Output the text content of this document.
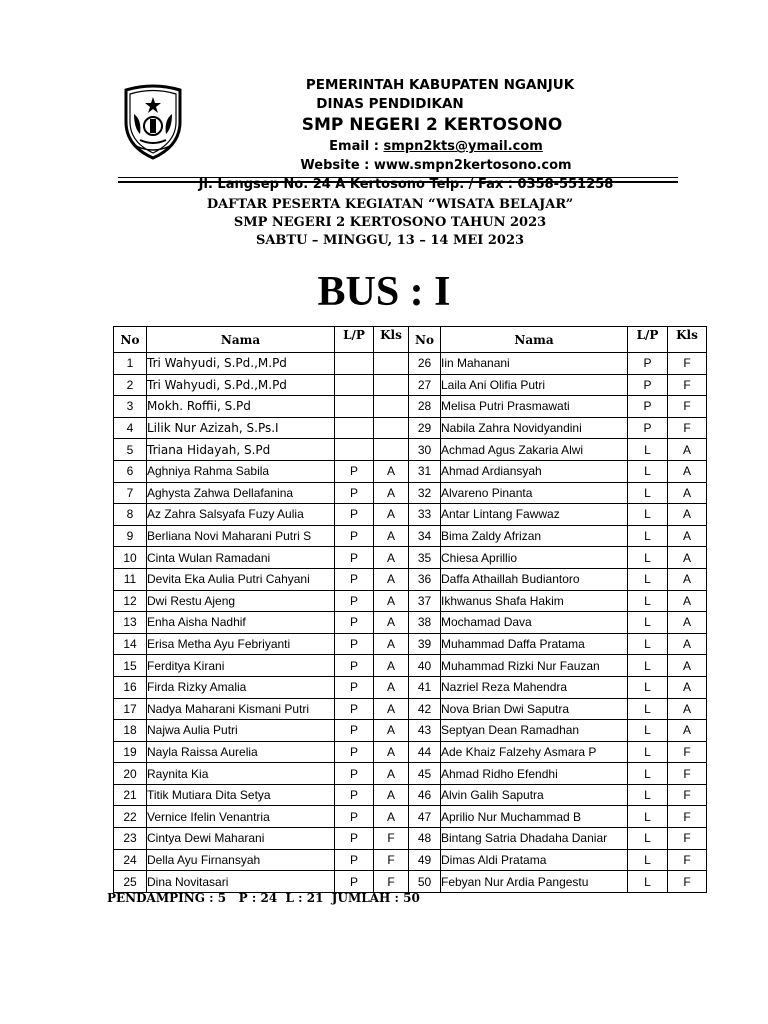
PEMERINTAH KABUPATEN NGANJUK
DINAS PENDIDIKAN
SMP NEGERI 2 KERTOSONO
Email : smpn2kts@ymail.com
Website : www.smpn2kertosono.com
Jl. Langsep No. 24 A Kertosono Telp. / Fax : 0358-551258
DAFTAR PESERTA KEGIATAN “WISATA BELAJAR”
SMP NEGERI 2 KERTOSONO TAHUN 2023
SABTU – MINGGU, 13 – 14 MEI 2023
BUS : I
No	Nama	L/P	Kls	No	Nama	L/P	Kls
1	Tri Wahyudi, S.Pd.,M.Pd			26	Iin Mahanani	P	F
2	Tri Wahyudi, S.Pd.,M.Pd			27	Laila Ani Olifia Putri	P	F
3	Mokh. Roffii, S.Pd			28	Melisa Putri Prasmawati	P	F
4	Lilik Nur Azizah, S.Ps.I			29	Nabila Zahra Novidyandini	P	F
5	Triana Hidayah, S.Pd			30	Achmad Agus Zakaria Alwi	L	A
6	Aghniya Rahma Sabila	P	A	31	Ahmad Ardiansyah	L	A
7	Aghysta Zahwa Dellafanina	P	A	32	Alvareno Pinanta	L	A
8	Az Zahra Salsyafa Fuzy Aulia	P	A	33	Antar Lintang Fawwaz	L	A
9	Berliana Novi Maharani Putri S	P	A	34	Bima Zaldy Afrizan	L	A
10	Cinta Wulan Ramadani	P	A	35	Chiesa Aprillio	L	A
11	Devita Eka Aulia Putri Cahyani	P	A	36	Daffa Athaillah Budiantoro	L	A
12	Dwi Restu Ajeng	P	A	37	Ikhwanus Shafa Hakim	L	A
13	Enha Aisha Nadhif	P	A	38	Mochamad Dava	L	A
14	Erisa Metha Ayu Febriyanti	P	A	39	Muhammad Daffa Pratama	L	A
15	Ferditya Kirani	P	A	40	Muhammad Rizki Nur Fauzan	L	A
16	Firda Rizky Amalia	P	A	41	Nazriel Reza Mahendra	L	A
17	Nadya Maharani Kismani Putri	P	A	42	Nova Brian Dwi Saputra	L	A
18	Najwa Aulia Putri	P	A	43	Septyan Dean Ramadhan	L	A
19	Nayla Raissa Aurelia	P	A	44	Ade Khaiz Falzehy Asmara P	L	F
20	Raynita Kia	P	A	45	Ahmad Ridho Efendhi	L	F
21	Titik Mutiara Dita Setya	P	A	46	Alvin Galih Saputra	L	F
22	Vernice Ifelin Venantria	P	A	47	Aprilio Nur Muchammad B	L	F
23	Cintya Dewi Maharani	P	F	48	Bintang Satria Dhadaha Daniar	L	F
24	Della Ayu Firnansyah	P	F	49	Dimas Aldi Pratama	L	F
25	Dina Novitasari	P	F	50	Febyan Nur Ardia Pangestu	L	F
PENDAMPING : 5   P : 24  L : 21  JUMLAH : 50
